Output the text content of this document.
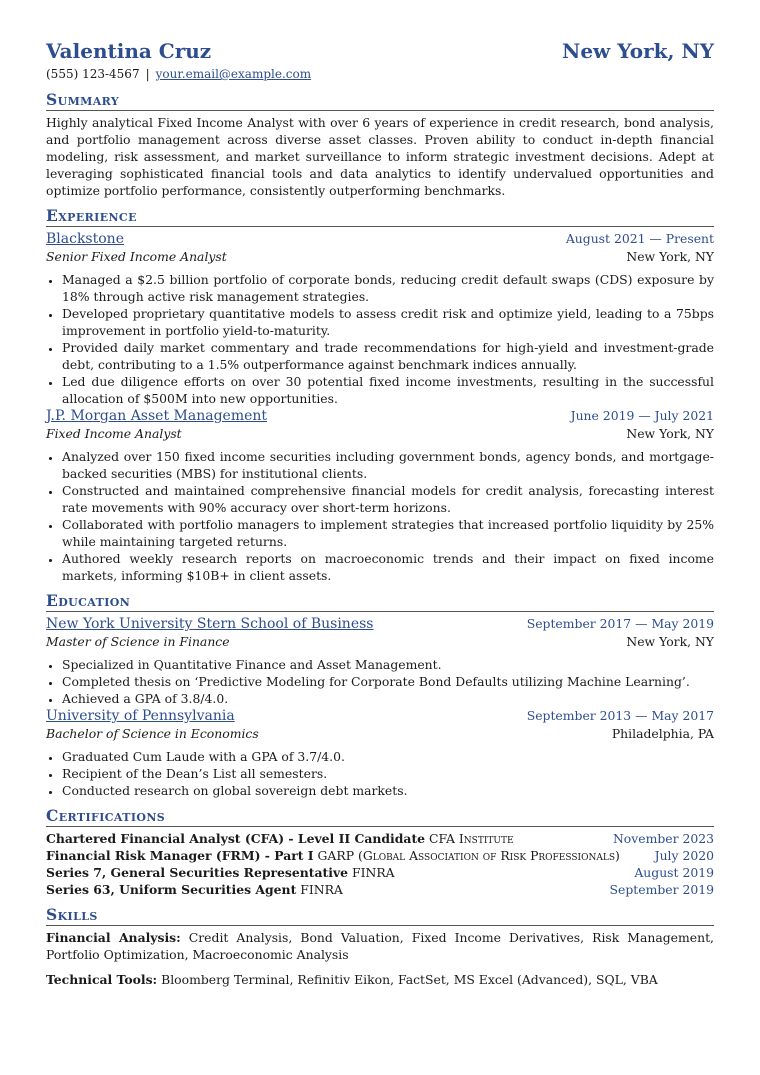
Valentina Cruz	New York, NY
(555) 123-4567 | your.email@example.com
Summary
Highly analytical Fixed Income Analyst with over 6 years of experience in credit research, bond analysis, and portfolio management across diverse asset classes. Proven ability to conduct in-depth financial modeling, risk assessment, and market surveillance to inform strategic investment decisions. Adept at leveraging sophisticated financial tools and data analytics to identify undervalued opportunities and optimize portfolio performance, consistently outperforming benchmarks.
Experience
Blackstone	August 2021 — Present
Senior Fixed Income Analyst	New York, NY
• Managed a $2.5 billion portfolio of corporate bonds, reducing credit default swaps (CDS) exposure by 18% through active risk management strategies.
• Developed proprietary quantitative models to assess credit risk and optimize yield, leading to a 75bps improvement in portfolio yield-to-maturity.
• Provided daily market commentary and trade recommendations for high-yield and investment-grade debt, contributing to a 1.5% outperformance against benchmark indices annually.
• Led due diligence efforts on over 30 potential fixed income investments, resulting in the successful allocation of $500M into new opportunities.
J.P. Morgan Asset Management	June 2019 — July 2021
Fixed Income Analyst	New York, NY
• Analyzed over 150 fixed income securities including government bonds, agency bonds, and mortgage-backed securities (MBS) for institutional clients.
• Constructed and maintained comprehensive financial models for credit analysis, forecasting interest rate movements with 90% accuracy over short-term horizons.
• Collaborated with portfolio managers to implement strategies that increased portfolio liquidity by 25% while maintaining targeted returns.
• Authored weekly research reports on macroeconomic trends and their impact on fixed income markets, informing $10B+ in client assets.
Education
New York University Stern School of Business	September 2017 — May 2019
Master of Science in Finance	New York, NY
• Specialized in Quantitative Finance and Asset Management.
• Completed thesis on ‘Predictive Modeling for Corporate Bond Defaults utilizing Machine Learning’.
• Achieved a GPA of 3.8/4.0.
University of Pennsylvania	September 2013 — May 2017
Bachelor of Science in Economics	Philadelphia, PA
• Graduated Cum Laude with a GPA of 3.7/4.0.
• Recipient of the Dean’s List all semesters.
• Conducted research on global sovereign debt markets.
Certifications
Chartered Financial Analyst (CFA) - Level II Candidate CFA Institute	November 2023
Financial Risk Manager (FRM) - Part I GARP (Global Association of Risk Professionals)	July 2020
Series 7, General Securities Representative FINRA	August 2019
Series 63, Uniform Securities Agent FINRA	September 2019
Skills
Financial Analysis: Credit Analysis, Bond Valuation, Fixed Income Derivatives, Risk Management, Portfolio Optimization, Macroeconomic Analysis
Technical Tools: Bloomberg Terminal, Refinitiv Eikon, FactSet, MS Excel (Advanced), SQL, VBA
